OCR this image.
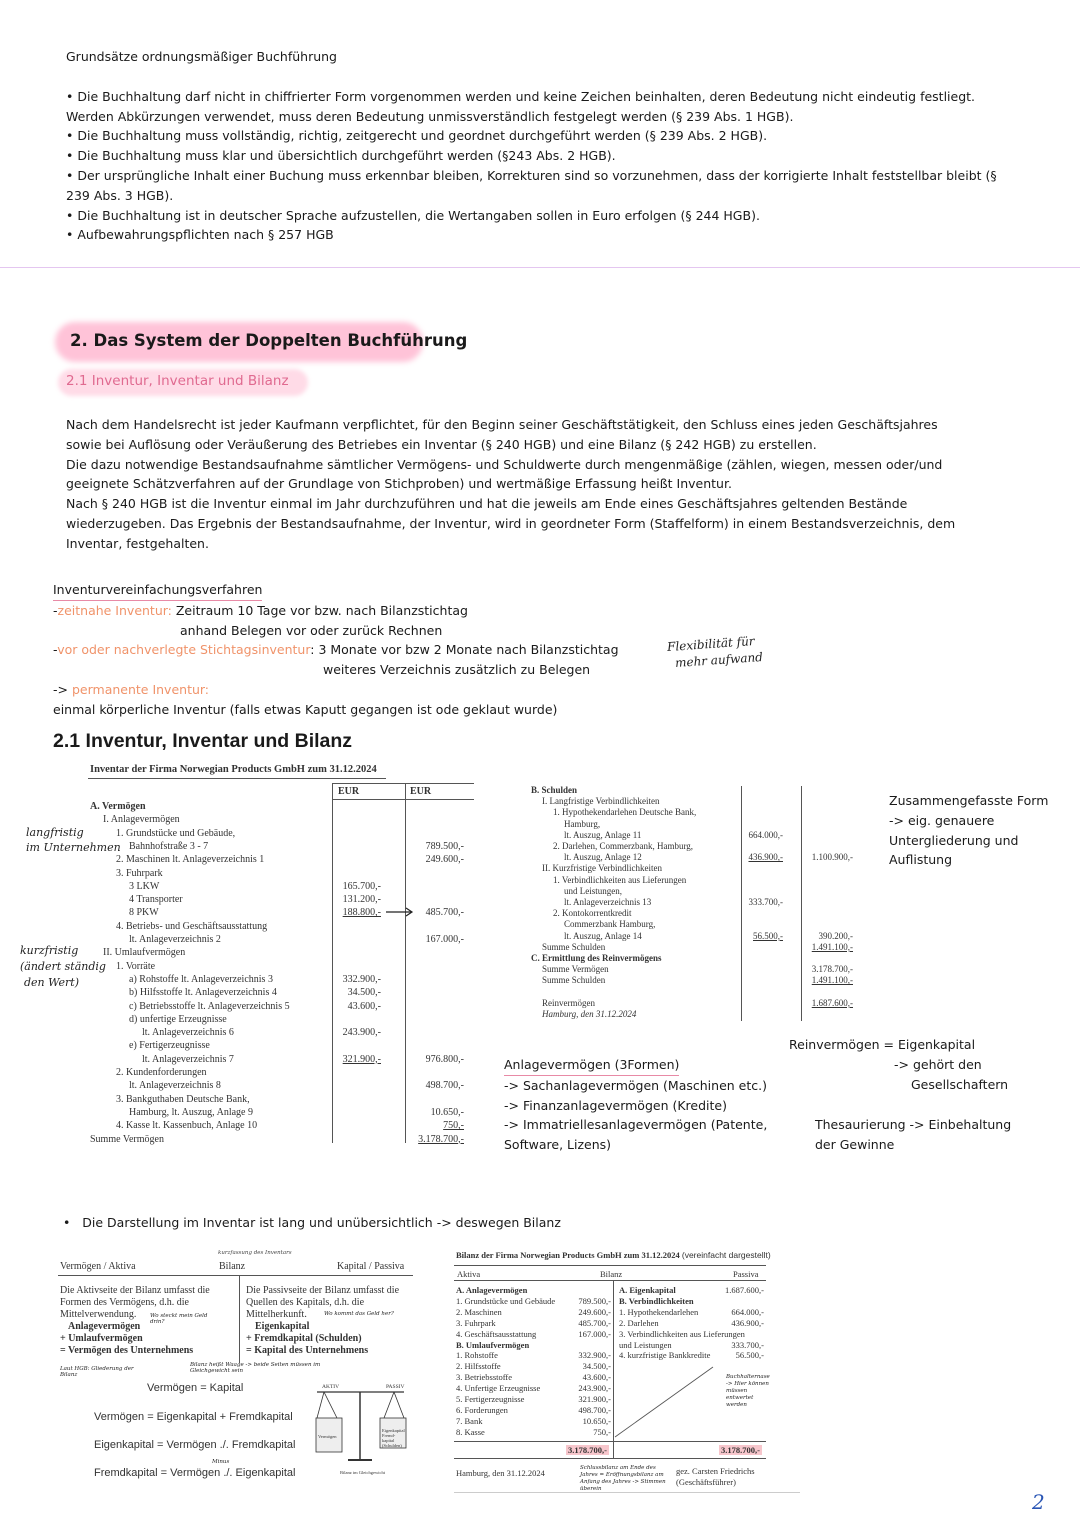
Grundsätze ordnungsmäßiger Buchführung
• Die Buchhaltung darf nicht in chiffrierter Form vorgenommen werden und keine Zeichen beinhalten, deren Bedeutung nicht eindeutig festliegt.
Werden Abkürzungen verwendet, muss deren Bedeutung unmissverständlich festgelegt werden (§ 239 Abs. 1 HGB).
• Die Buchhaltung muss vollständig, richtig, zeitgerecht und geordnet durchgeführt werden (§ 239 Abs. 2 HGB).
• Die Buchhaltung muss klar und übersichtlich durchgeführt werden (§243 Abs. 2 HGB).
• Der ursprüngliche Inhalt einer Buchung muss erkennbar bleiben, Korrekturen sind so vorzunehmen, dass der korrigierte Inhalt feststellbar bleibt (§
239 Abs. 3 HGB).
• Die Buchhaltung ist in deutscher Sprache aufzustellen, die Wertangaben sollen in Euro erfolgen (§ 244 HGB).
• Aufbewahrungspflichten nach § 257 HGB
2. Das System der Doppelten Buchführung
2.1 Inventur, Inventar und Bilanz
Nach dem Handelsrecht ist jeder Kaufmann verpflichtet, für den Beginn seiner Geschäftstätigkeit, den Schluss eines jeden Geschäftsjahres
sowie bei Auflösung oder Veräußerung des Betriebes ein Inventar (§ 240 HGB) und eine Bilanz (§ 242 HGB) zu erstellen.
Die dazu notwendige Bestandsaufnahme sämtlicher Vermögens- und Schuldwerte durch mengenmäßige (zählen, wiegen, messen oder/und
geeignete Schätzverfahren auf der Grundlage von Stichproben) und wertmäßige Erfassung heißt Inventur.
Nach § 240 HGB ist die Inventur einmal im Jahr durchzuführen und hat die jeweils am Ende eines Geschäftsjahres geltenden Bestände
wiederzugeben. Das Ergebnis der Bestandsaufnahme, der Inventur, wird in geordneter Form (Staffelform) in einem Bestandsverzeichnis, dem
Inventar, festgehalten.
Inventurvereinfachungsverfahren
-zeitnahe Inventur: Zeitraum 10 Tage vor bzw. nach Bilanzstichtag
anhand Belegen vor oder zurück Rechnen
-vor oder nachverlegte Stichtagsinventur: 3 Monate vor bzw 2 Monate nach Bilanzstichtag
weiteres Verzeichnis zusätzlich zu Belegen
-> permanente Inventur:
einmal körperliche Inventur (falls etwas Kaputt gegangen ist ode geklaut wurde)
Flexibilität für
mehr aufwand
2.1 Inventur, Inventar und Bilanz
Inventar der Firma Norwegian Products GmbH zum 31.12.2024
EUR	EUR
A. Vermögen
I. Anlagevermögen
1. Grundstücke und Gebäude,
Bahnhofstraße 3 - 7	789.500,-
2. Maschinen lt. Anlageverzeichnis 1	249.600,-
3. Fuhrpark
3 LKW	165.700,-
4 Transporter	131.200,-
8 PKW	188.800,-	485.700,-
4. Betriebs- und Geschäftsausstattung
lt. Anlageverzeichnis 2	167.000,-
II. Umlaufvermögen
1. Vorräte
a) Rohstoffe lt. Anlageverzeichnis 3	332.900,-
b) Hilfsstoffe lt. Anlageverzeichnis 4	34.500,-
c) Betriebsstoffe lt. Anlageverzeichnis 5	43.600,-
d) unfertige Erzeugnisse
lt. Anlageverzeichnis 6	243.900,-
e) Fertigerzeugnisse
lt. Anlageverzeichnis 7	321.900,-	976.800,-
2. Kundenforderungen
lt. Anlageverzeichnis 8	498.700,-
3. Bankguthaben Deutsche Bank,
Hamburg, lt. Auszug, Anlage 9	10.650,-
4. Kasse lt. Kassenbuch, Anlage 10	750,-
Summe Vermögen	3.178.700,-
langfristig
im Unternehmen
kurzfristig
(ändert ständig
den Wert)
B. Schulden
I. Langfristige Verbindlichkeiten
1. Hypothekendarlehen Deutsche Bank,
Hamburg,
lt. Auszug, Anlage 11	664.000,-
2. Darlehen, Commerzbank, Hamburg,
lt. Auszug, Anlage 12	436.900,-	1.100.900,-
II. Kurzfristige Verbindlichkeiten
1. Verbindlichkeiten aus Lieferungen
und Leistungen,
lt. Anlageverzeichnis 13	333.700,-
2. Kontokorrentkredit
Commerzbank Hamburg,
lt. Auszug, Anlage 14	56.500,-	390.200,-
Summe Schulden	1.491.100,-
C. Ermittlung des Reinvermögens
Summe Vermögen	3.178.700,-
Summe Schulden	1.491.100,-
Reinvermögen	1.687.600,-
Hamburg, den 31.12.2024
Zusammengefasste Form
-> eig. genauere
Untergliederung und
Auflistung
Reinvermögen = Eigenkapital
-> gehört den
Gesellschaftern
Thesaurierung -> Einbehaltung
der Gewinne
Anlagevermögen (3Formen)
-> Sachanlagevermögen (Maschinen etc.)
-> Finanzanlagevermögen (Kredite)
-> Immatriellesanlagevermögen (Patente,
Software, Lizens)
•   Die Darstellung im Inventar ist lang und unübersichtlich -> deswegen Bilanz
kurzfassung des Inventars
Vermögen / Aktiva	Bilanz	Kapital / Passiva
Die Aktivseite der Bilanz umfasst die
Formen des Vermögens, d.h. die
Mittelverwendung.
Anlagevermögen
+ Umlaufvermögen
= Vermögen des Unternehmens
Die Passivseite der Bilanz umfasst die
Quellen des Kapitals, d.h. die
Mittelherkunft.
Eigenkapital
+ Fremdkapital (Schulden)
= Kapital des Unternehmens
Wo steckt mein Geld drin?
Wo kommt das Geld her?
Laut HGB: Gliederung der Bilanz
Bilanz heißt Waage -> beide Seiten müssen im Gleichgewicht sein
Vermögen = Kapital
Vermögen = Eigenkapital + Fremdkapital
Eigenkapital = Vermögen ./. Fremdkapital
Minus
Fremdkapital = Vermögen ./. Eigenkapital
AKTIV	PASSIV
Vermögen
Eigenkapital Fremd-kapital (Schulden)
Bilanz im Gleichgewicht
Bilanz der Firma Norwegian Products GmbH zum 31.12.2024 (vereinfacht dargestellt)
Aktiva	Bilanz	Passiva
A. Anlagevermögen
1. Grundstücke und Gebäude	789.500,-
2. Maschinen	249.600,-
3. Fuhrpark	485.700,-
4. Geschäftsausstattung	167.000,-
B. Umlaufvermögen
1. Rohstoffe	332.900,-
2. Hilfsstoffe	34.500,-
3. Betriebsstoffe	43.600,-
4. Unfertige Erzeugnisse	243.900,-
5. Fertigerzeugnisse	321.900,-
6. Forderungen	498.700,-
7. Bank	10.650,-
8. Kasse	750,-
A. Eigenkapital	1.687.600,-
B. Verbindlichkeiten
1. Hypothekendarlehen	664.000,-
2. Darlehen	436.900,-
3. Verbindlichkeiten aus Lieferungen
und Leistungen	333.700,-
4. kurzfristige Bankkredite	56.500,-
3.178.700,-	3.178.700,-
Hamburg, den 31.12.2024	gez. Carsten Friedrichs
(Geschäftsführer)
Buchhalternase -> Hier können müssen entwertet werden
Schlussbilanz am Ende des Jahres = Eröffnungsbilanz am Anfang des Jahres -> Stimmen überein
2
